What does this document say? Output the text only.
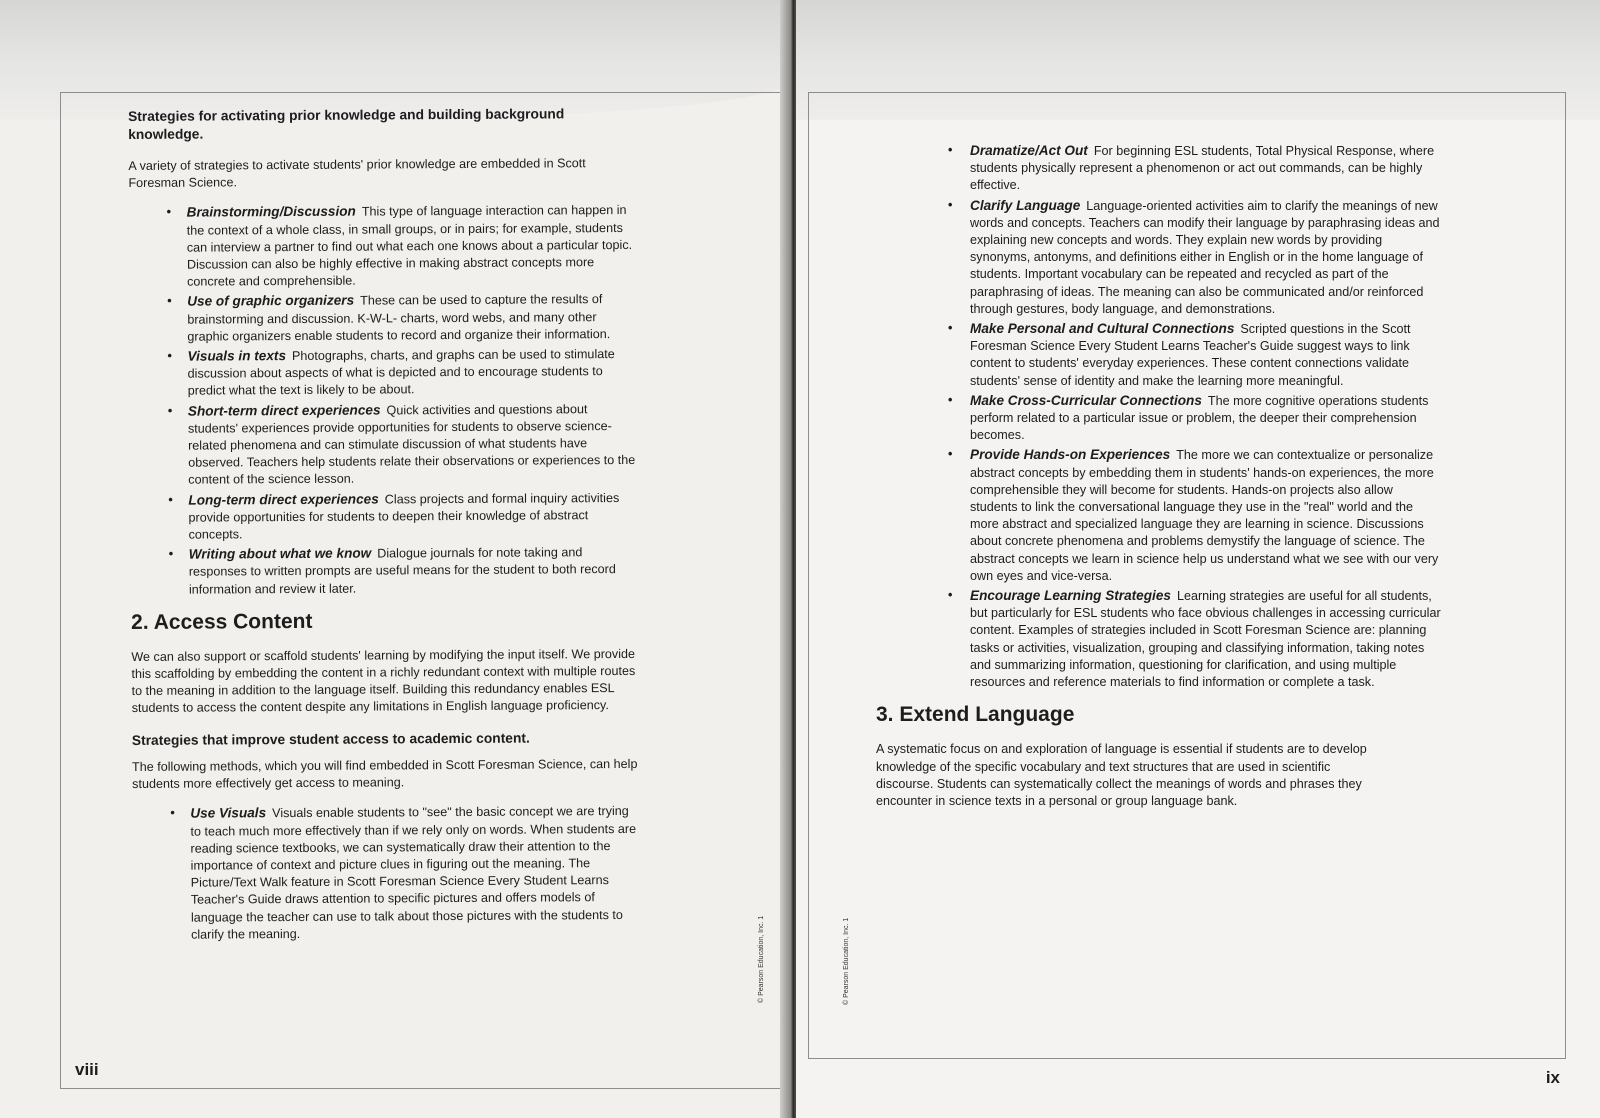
Strategies for activating prior knowledge and building background knowledge.

A variety of strategies to activate students' prior knowledge are embedded in Scott Foresman Science.

• Brainstorming/Discussion This type of language interaction can happen in the context of a whole class, in small groups, or in pairs; for example, students can interview a partner to find out what each one knows about a particular topic. Discussion can also be highly effective in making abstract concepts more concrete and comprehensible.
• Use of graphic organizers These can be used to capture the results of brainstorming and discussion. K-W-L- charts, word webs, and many other graphic organizers enable students to record and organize their information.
• Visuals in texts Photographs, charts, and graphs can be used to stimulate discussion about aspects of what is depicted and to encourage students to predict what the text is likely to be about.
• Short-term direct experiences Quick activities and questions about students' experiences provide opportunities for students to observe science-related phenomena and can stimulate discussion of what students have observed. Teachers help students relate their observations or experiences to the content of the science lesson.
• Long-term direct experiences Class projects and formal inquiry activities provide opportunities for students to deepen their knowledge of abstract concepts.
• Writing about what we know Dialogue journals for note taking and responses to written prompts are useful means for the student to both record information and review it later.
2. Access Content

We can also support or scaffold students' learning by modifying the input itself. We provide this scaffolding by embedding the content in a richly redundant context with multiple routes to the meaning in addition to the language itself. Building this redundancy enables ESL students to access the content despite any limitations in English language proficiency.

Strategies that improve student access to academic content.

The following methods, which you will find embedded in Scott Foresman Science, can help students more effectively get access to meaning.

• Use Visuals Visuals enable students to "see" the basic concept we are trying to teach much more effectively than if we rely only on words. When students are reading science textbooks, we can systematically draw their attention to the importance of context and picture clues in figuring out the meaning. The Picture/Text Walk feature in Scott Foresman Science Every Student Learns Teacher's Guide draws attention to specific pictures and offers models of language the teacher can use to talk about those pictures with the students to clarify the meaning.	© Pearson Education, Inc. 1
viii
• Dramatize/Act Out For beginning ESL students, Total Physical Response, where students physically represent a phenomenon or act out commands, can be highly effective.
• Clarify Language Language-oriented activities aim to clarify the meanings of new words and concepts. Teachers can modify their language by paraphrasing ideas and explaining new concepts and words. They explain new words by providing synonyms, antonyms, and definitions either in English or in the home language of students. Important vocabulary can be repeated and recycled as part of the paraphrasing of ideas. The meaning can also be communicated and/or reinforced through gestures, body language, and demonstrations.
• Make Personal and Cultural Connections Scripted questions in the Scott Foresman Science Every Student Learns Teacher's Guide suggest ways to link content to students' everyday experiences. These content connections validate students' sense of identity and make the learning more meaningful.
• Make Cross-Curricular Connections The more cognitive operations students perform related to a particular issue or problem, the deeper their comprehension becomes.
• Provide Hands-on Experiences The more we can contextualize or personalize abstract concepts by embedding them in students' hands-on experiences, the more comprehensible they will become for students. Hands-on projects also allow students to link the conversational language they use in the "real" world and the more abstract and specialized language they are learning in science. Discussions about concrete phenomena and problems demystify the language of science. The abstract concepts we learn in science help us understand what we see with our very own eyes and vice-versa.
• Encourage Learning Strategies Learning strategies are useful for all students, but particularly for ESL students who face obvious challenges in accessing curricular content. Examples of strategies included in Scott Foresman Science are: planning tasks or activities, visualization, grouping and classifying information, taking notes and summarizing information, questioning for clarification, and using multiple resources and reference materials to find information or complete a task.
3. Extend Language

A systematic focus on and exploration of language is essential if students are to develop knowledge of the specific vocabulary and text structures that are used in scientific discourse. Students can systematically collect the meanings of words and phrases they encounter in science texts in a personal or group language bank.

© Pearson Education, Inc. 1
ix
